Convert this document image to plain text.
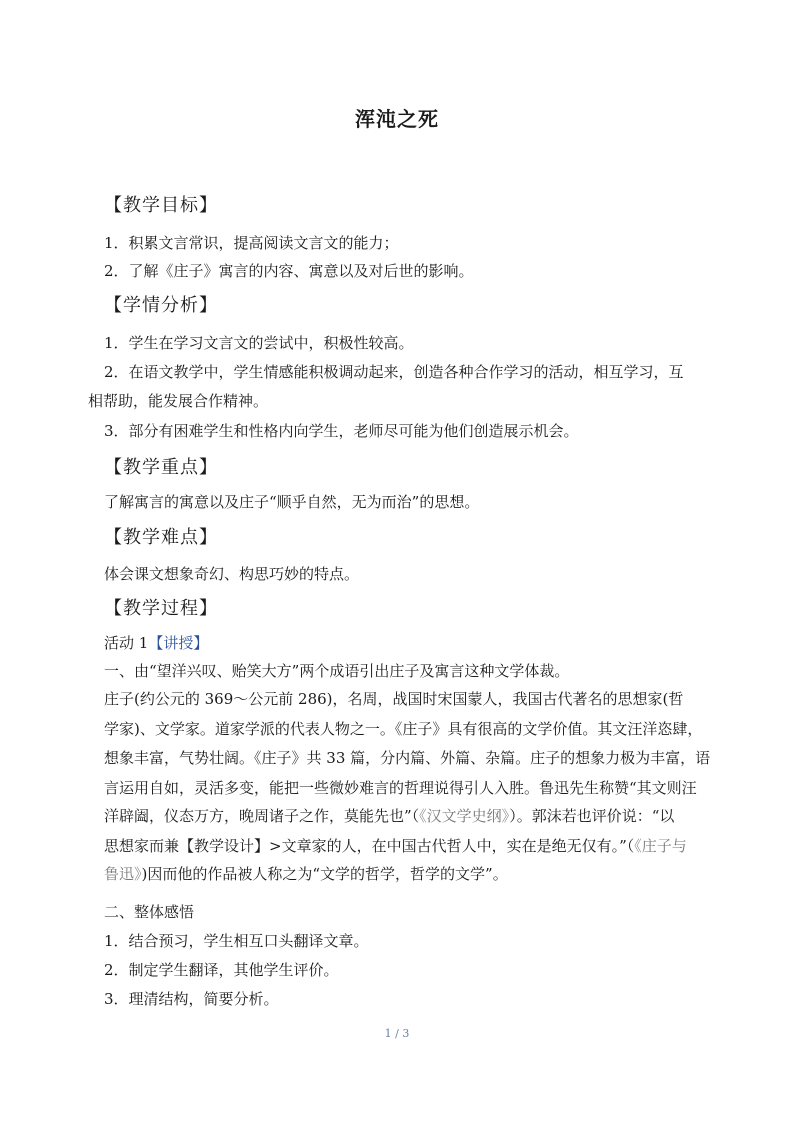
浑沌之死
【教学目标】
1．积累文言常识，提高阅读文言文的能力；
2．了解《庄子》寓言的内容、寓意以及对后世的影响。
【学情分析】
1．学生在学习文言文的尝试中，积极性较高。
2．在语文教学中，学生情感能积极调动起来，创造各种合作学习的活动，相互学习，互
相帮助，能发展合作精神。
3．部分有困难学生和性格内向学生，老师尽可能为他们创造展示机会。
【教学重点】
了解寓言的寓意以及庄子“顺乎自然，无为而治”的思想。
【教学难点】
体会课文想象奇幻、构思巧妙的特点。
【教学过程】
活动 1【讲授】
一、由“望洋兴叹、贻笑大方”两个成语引出庄子及寓言这种文学体裁。
庄子(约公元的 369～公元前 286)，名周，战国时宋国蒙人，我国古代著名的思想家(哲
学家)、文学家。道家学派的代表人物之一。《庄子》具有很高的文学价值。其文汪洋恣肆，
想象丰富，气势壮阔。《庄子》共 33 篇，分内篇、外篇、杂篇。庄子的想象力极为丰富，语
言运用自如，灵活多变，能把一些微妙难言的哲理说得引人入胜。鲁迅先生称赞“其文则汪
洋辟阖，仪态万方，晚周诸子之作，莫能先也”（《汉文学史纲》）。郭沫若也评价说：“以
思想家而兼【教学设计】>文章家的人，在中国古代哲人中，实在是绝无仅有。”（《庄子与
鲁迅》)因而他的作品被人称之为“文学的哲学，哲学的文学”。
二、整体感悟
1．结合预习，学生相互口头翻译文章。
2．制定学生翻译，其他学生评价。
3．理清结构，简要分析。
1 / 3
